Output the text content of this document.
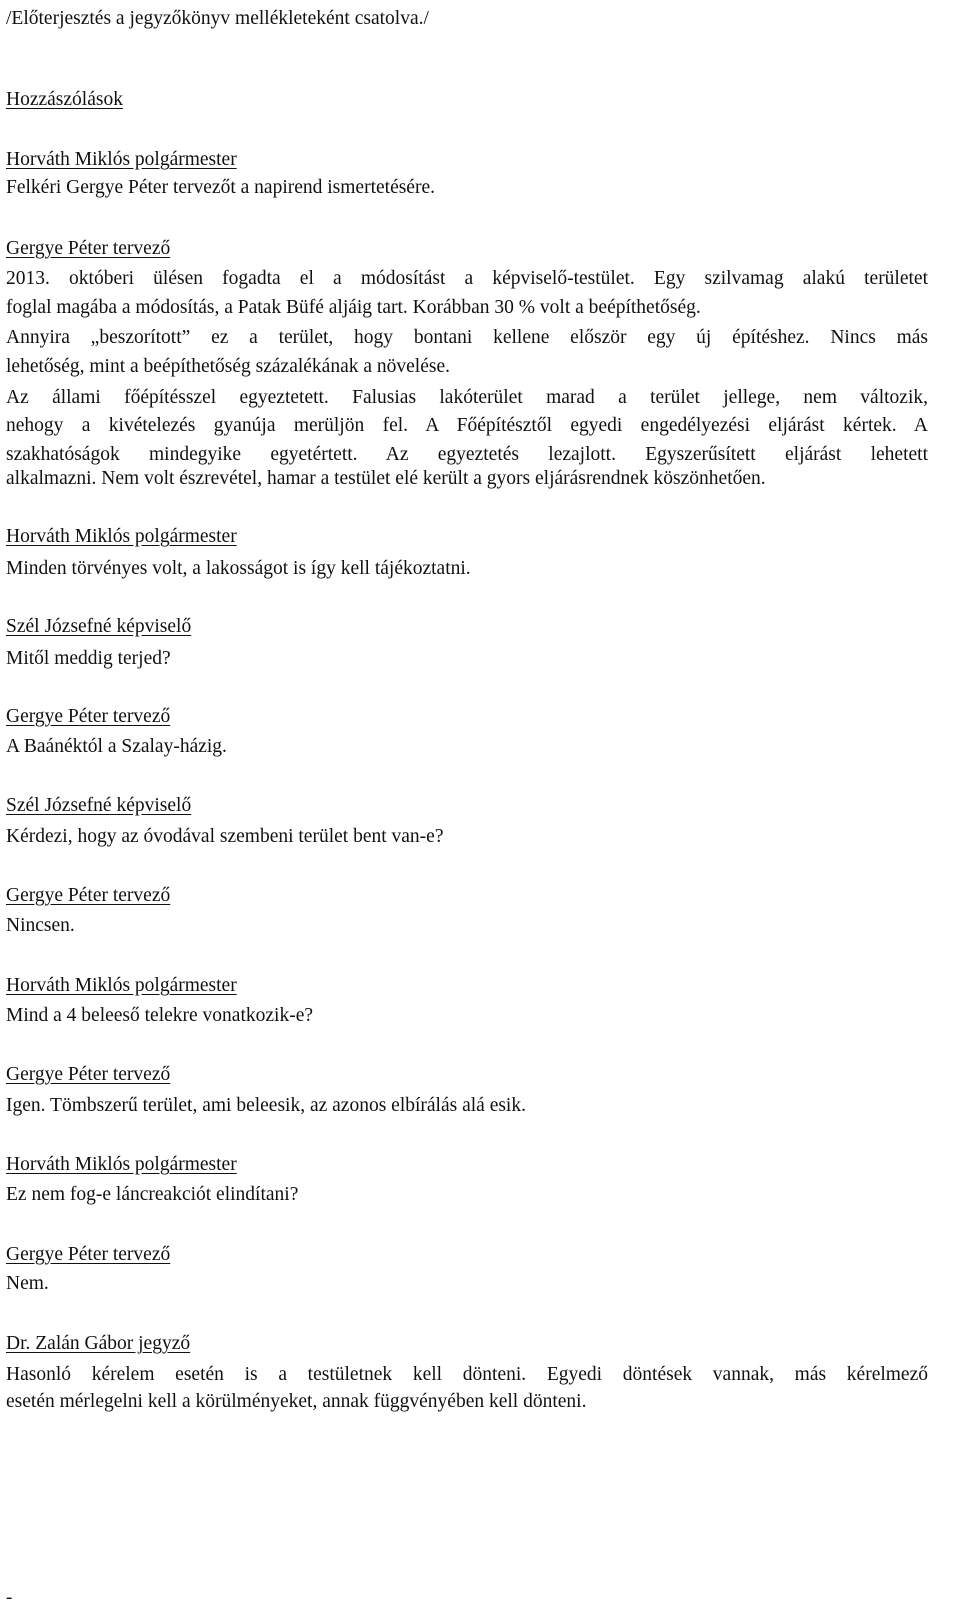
/Előterjesztés a jegyzőkönyv mellékleteként csatolva./
Hozzászólások
Horváth Miklós polgármester
Felkéri Gergye Péter tervezőt a napirend ismertetésére.
Gergye Péter tervező
2013. októberi ülésen fogadta el a módosítást a képviselő-testület. Egy szilvamag alakú területet
foglal magába a módosítás, a Patak Büfé aljáig tart. Korábban 30 % volt a beépíthetőség.
Annyira „beszorított” ez a terület, hogy bontani kellene először egy új építéshez. Nincs más
lehetőség, mint a beépíthetőség százalékának a növelése.
Az állami főépítésszel egyeztetett. Falusias lakóterület marad a terület jellege, nem változik,
nehogy a kivételezés gyanúja merüljön fel. A Főépítésztől egyedi engedélyezési eljárást kértek. A
szakhatóságok mindegyike egyetértett. Az egyeztetés lezajlott. Egyszerűsített eljárást lehetett
alkalmazni. Nem volt észrevétel, hamar a testület elé került a gyors eljárásrendnek köszönhetően.
Horváth Miklós polgármester
Minden törvényes volt, a lakosságot is így kell tájékoztatni.
Szél Józsefné képviselő
Mitől meddig terjed?
Gergye Péter tervező
A Baánéktól a Szalay-házig.
Szél Józsefné képviselő
Kérdezi, hogy az óvodával szembeni terület bent van-e?
Gergye Péter tervező
Nincsen.
Horváth Miklós polgármester
Mind a 4 beleeső telekre vonatkozik-e?
Gergye Péter tervező
Igen. Tömbszerű terület, ami beleesik, az azonos elbírálás alá esik.
Horváth Miklós polgármester
Ez nem fog-e láncreakciót elindítani?
Gergye Péter tervező
Nem.
Dr. Zalán Gábor jegyző
Hasonló kérelem esetén is a testületnek kell dönteni. Egyedi döntések vannak, más kérelmező
esetén mérlegelni kell a körülményeket, annak függvényében kell dönteni.
-
